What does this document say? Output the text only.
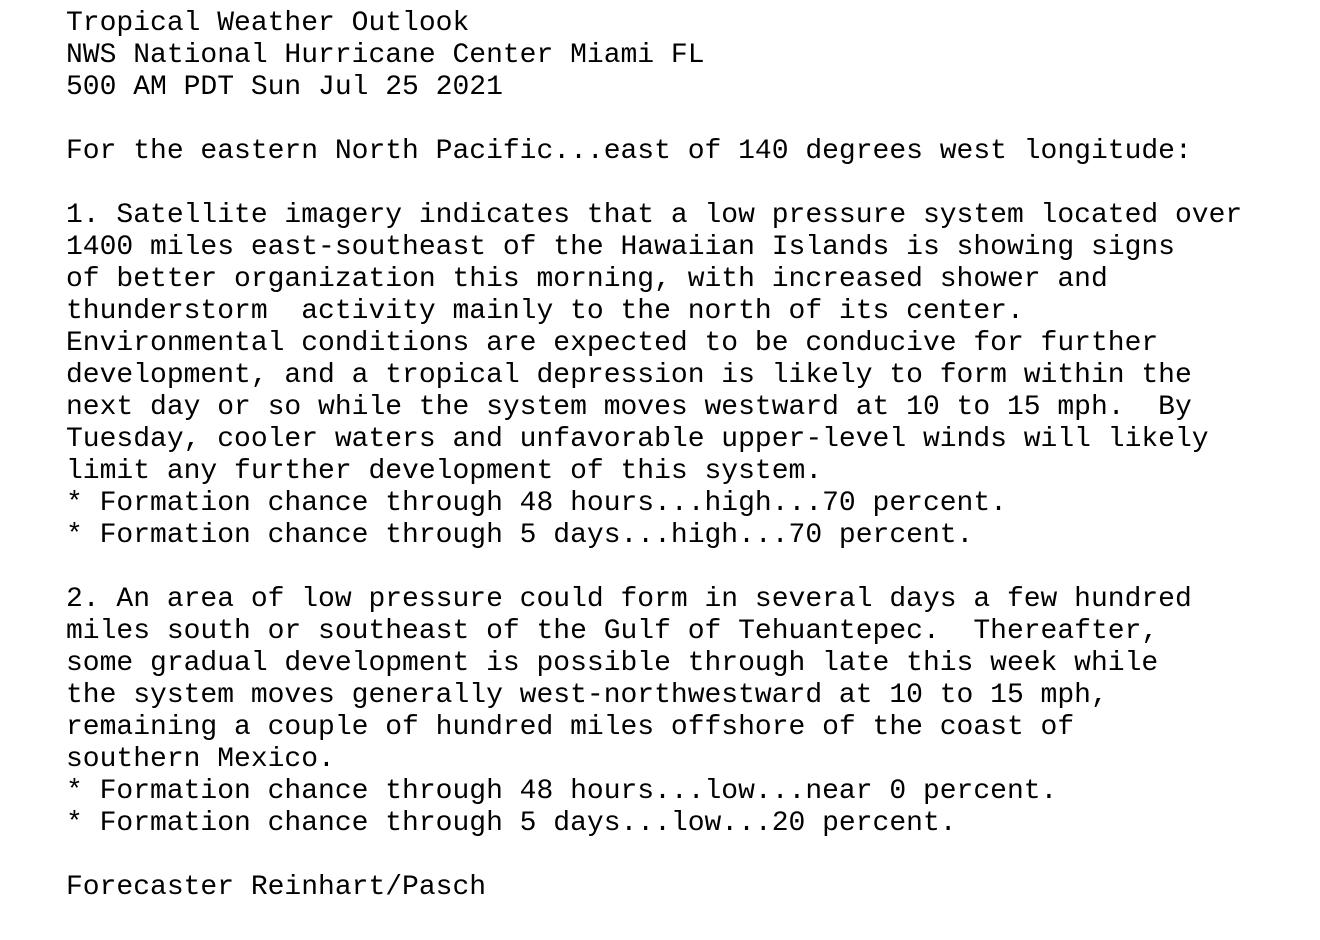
Tropical Weather Outlook
NWS National Hurricane Center Miami FL
500 AM PDT Sun Jul 25 2021
For the eastern North Pacific...east of 140 degrees west longitude:
1. Satellite imagery indicates that a low pressure system located over
1400 miles east-southeast of the Hawaiian Islands is showing signs
of better organization this morning, with increased shower and
thunderstorm  activity mainly to the north of its center.
Environmental conditions are expected to be conducive for further
development, and a tropical depression is likely to form within the
next day or so while the system moves westward at 10 to 15 mph.  By
Tuesday, cooler waters and unfavorable upper-level winds will likely
limit any further development of this system.
* Formation chance through 48 hours...high...70 percent.
* Formation chance through 5 days...high...70 percent.
2. An area of low pressure could form in several days a few hundred
miles south or southeast of the Gulf of Tehuantepec.  Thereafter,
some gradual development is possible through late this week while
the system moves generally west-northwestward at 10 to 15 mph,
remaining a couple of hundred miles offshore of the coast of
southern Mexico.
* Formation chance through 48 hours...low...near 0 percent.
* Formation chance through 5 days...low...20 percent.
Forecaster Reinhart/Pasch
